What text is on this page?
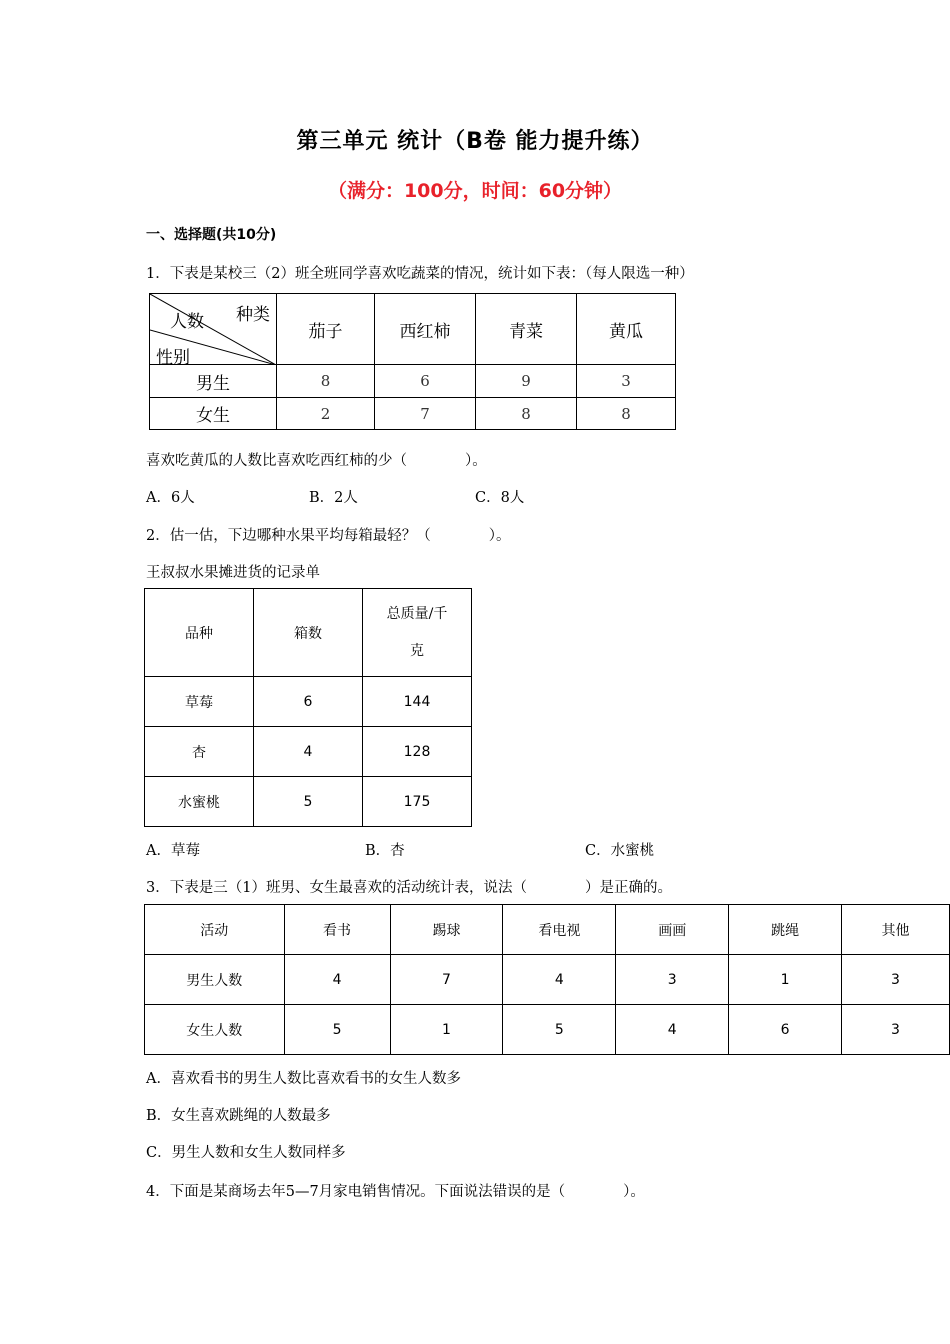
第三单元 统计（B卷 能力提升练）
（满分：100分，时间：60分钟）
一、选择题(共10分)
1．下表是某校三（2）班全班同学喜欢吃蔬菜的情况，统计如下表：（每人限选一种）
种类
人数
性别	茄子	西红柿	青菜	黄瓜
男生	8	6	9	3
女生	2	7	8	8
喜欢吃黄瓜的人数比喜欢吃西红柿的少（　　　　）。
A．6人	B．2人	C．8人
2．估一估，下边哪种水果平均每箱最轻？（　　　　）。
王叔叔水果摊进货的记录单
品种	箱数	总质量/千
克

草莓	6	144
杏	4	128
水蜜桃	5	175
A．草莓	B．杏	C．水蜜桃
3．下表是三（1）班男、女生最喜欢的活动统计表，说法（　　　　）是正确的。
活动	看书	踢球	看电视	画画	跳绳	其他
男生人数	4	7	4	3	1	3
女生人数	5	1	5	4	6	3
A．喜欢看书的男生人数比喜欢看书的女生人数多
B．女生喜欢跳绳的人数最多
C．男生人数和女生人数同样多
4．下面是某商场去年5—7月家电销售情况。下面说法错误的是（　　　　）。
